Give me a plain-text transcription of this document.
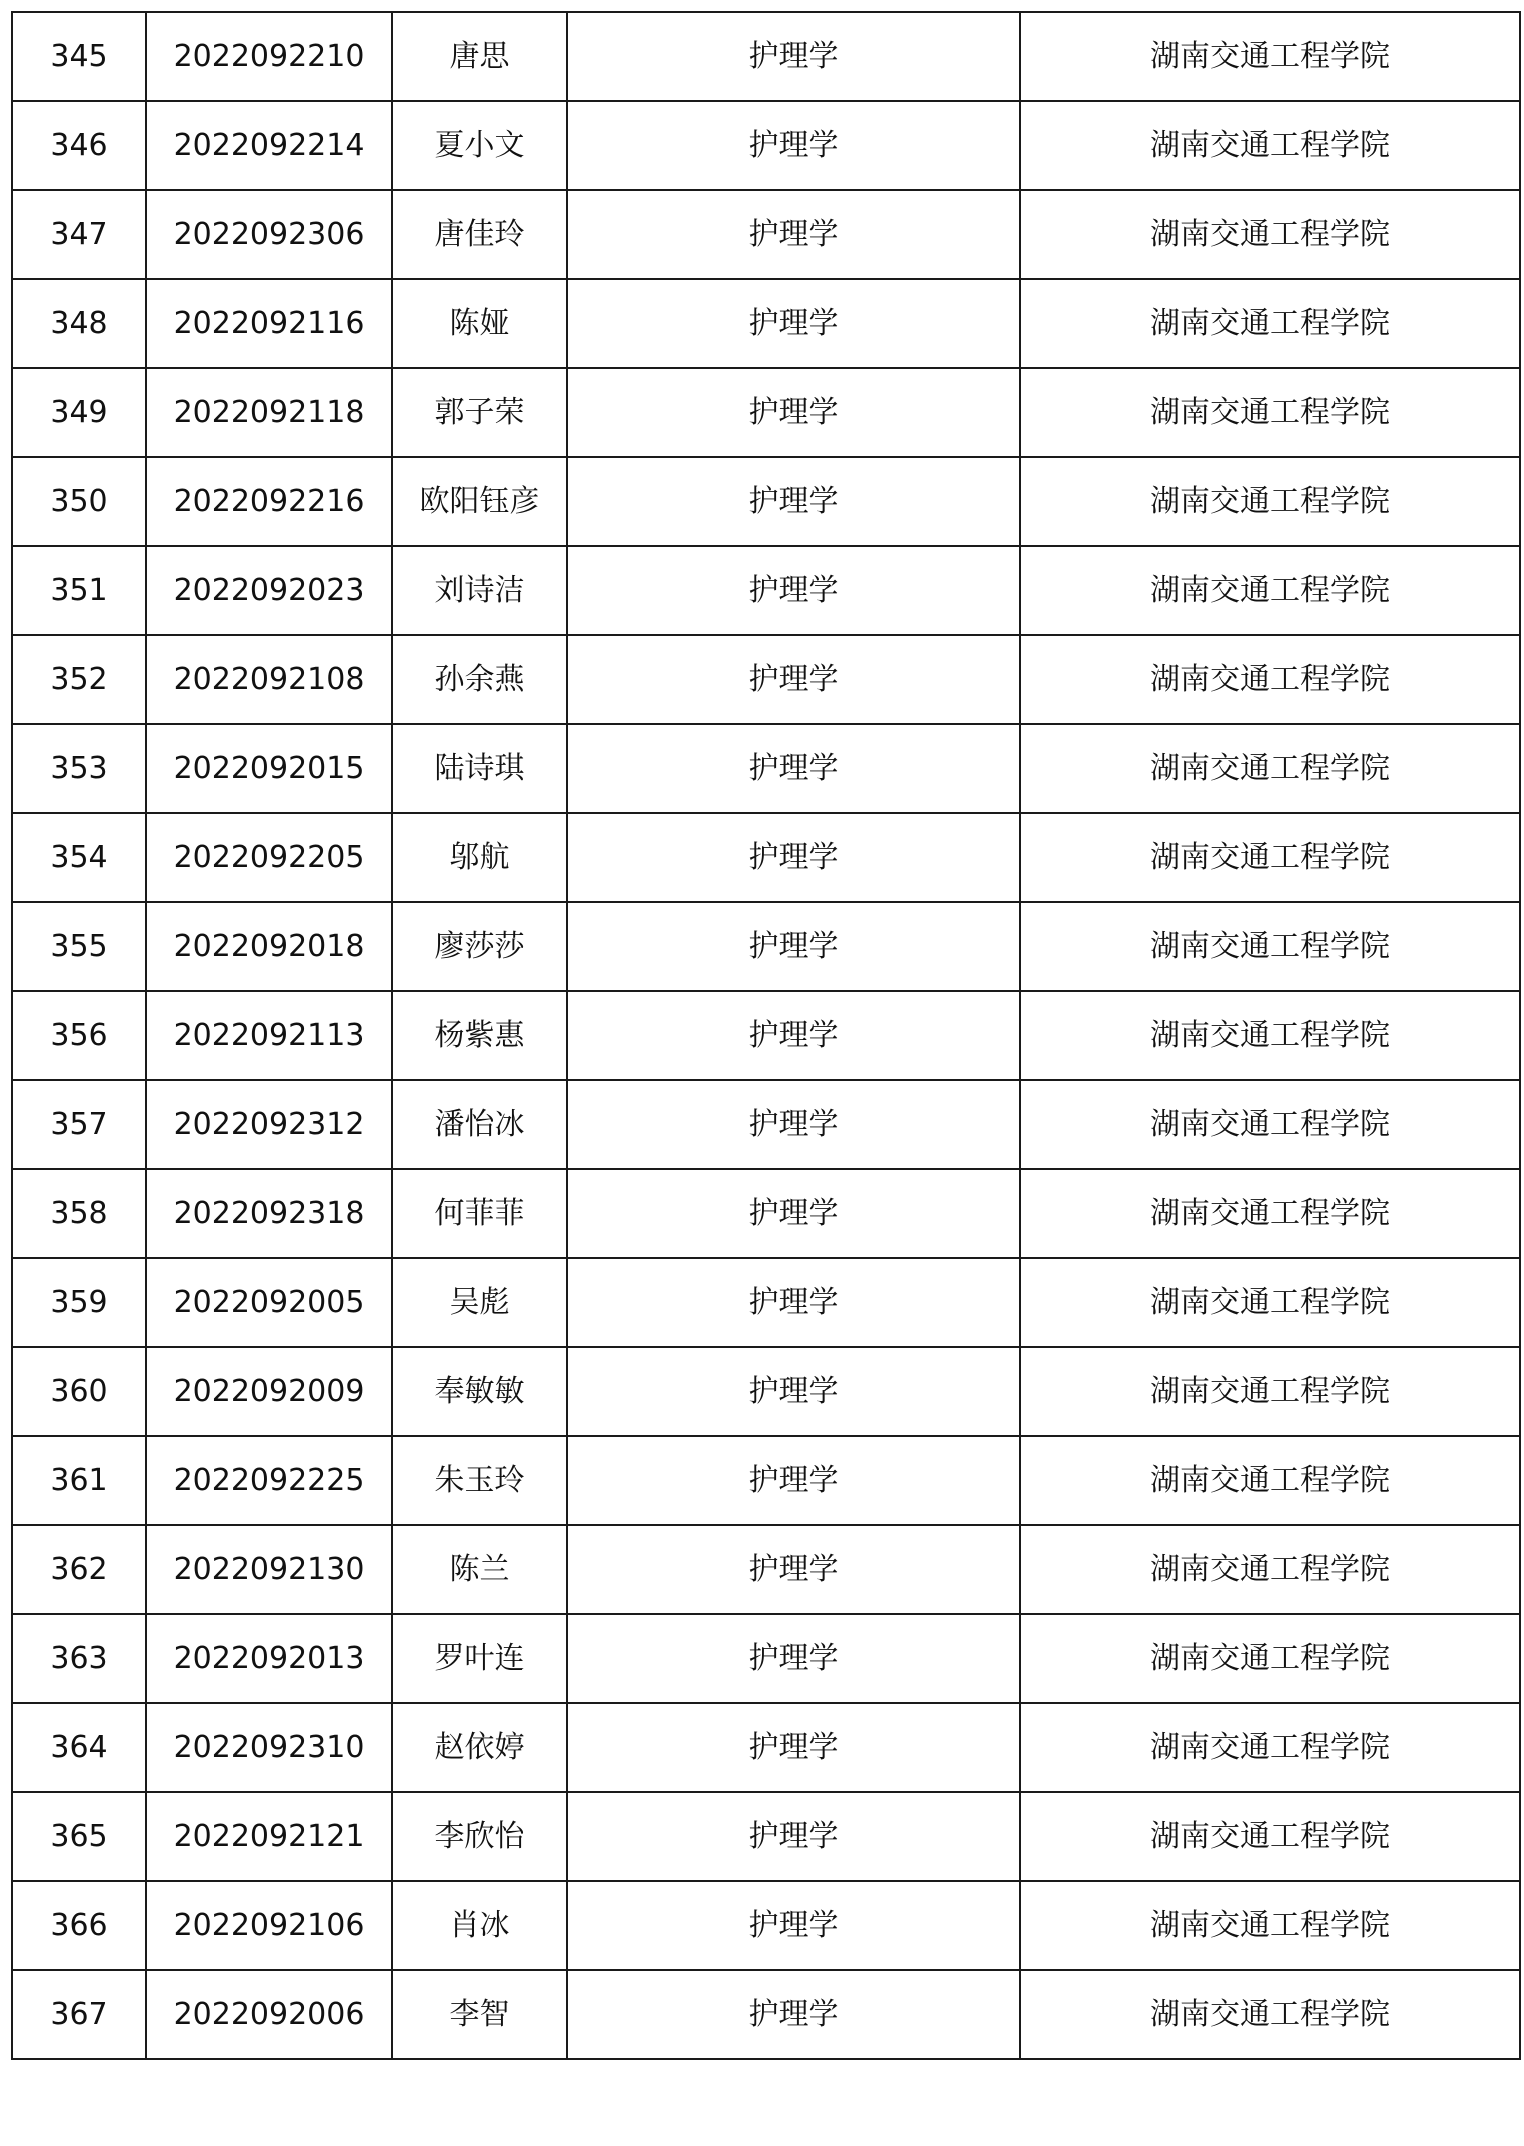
345	2022092210	唐思	护理学	湖南交通工程学院
346	2022092214	夏小文	护理学	湖南交通工程学院
347	2022092306	唐佳玲	护理学	湖南交通工程学院
348	2022092116	陈娅	护理学	湖南交通工程学院
349	2022092118	郭子荣	护理学	湖南交通工程学院
350	2022092216	欧阳钰彦	护理学	湖南交通工程学院
351	2022092023	刘诗洁	护理学	湖南交通工程学院
352	2022092108	孙余燕	护理学	湖南交通工程学院
353	2022092015	陆诗琪	护理学	湖南交通工程学院
354	2022092205	邬航	护理学	湖南交通工程学院
355	2022092018	廖莎莎	护理学	湖南交通工程学院
356	2022092113	杨紫惠	护理学	湖南交通工程学院
357	2022092312	潘怡冰	护理学	湖南交通工程学院
358	2022092318	何菲菲	护理学	湖南交通工程学院
359	2022092005	吴彪	护理学	湖南交通工程学院
360	2022092009	奉敏敏	护理学	湖南交通工程学院
361	2022092225	朱玉玲	护理学	湖南交通工程学院
362	2022092130	陈兰	护理学	湖南交通工程学院
363	2022092013	罗叶连	护理学	湖南交通工程学院
364	2022092310	赵依婷	护理学	湖南交通工程学院
365	2022092121	李欣怡	护理学	湖南交通工程学院
366	2022092106	肖冰	护理学	湖南交通工程学院
367	2022092006	李智	护理学	湖南交通工程学院
